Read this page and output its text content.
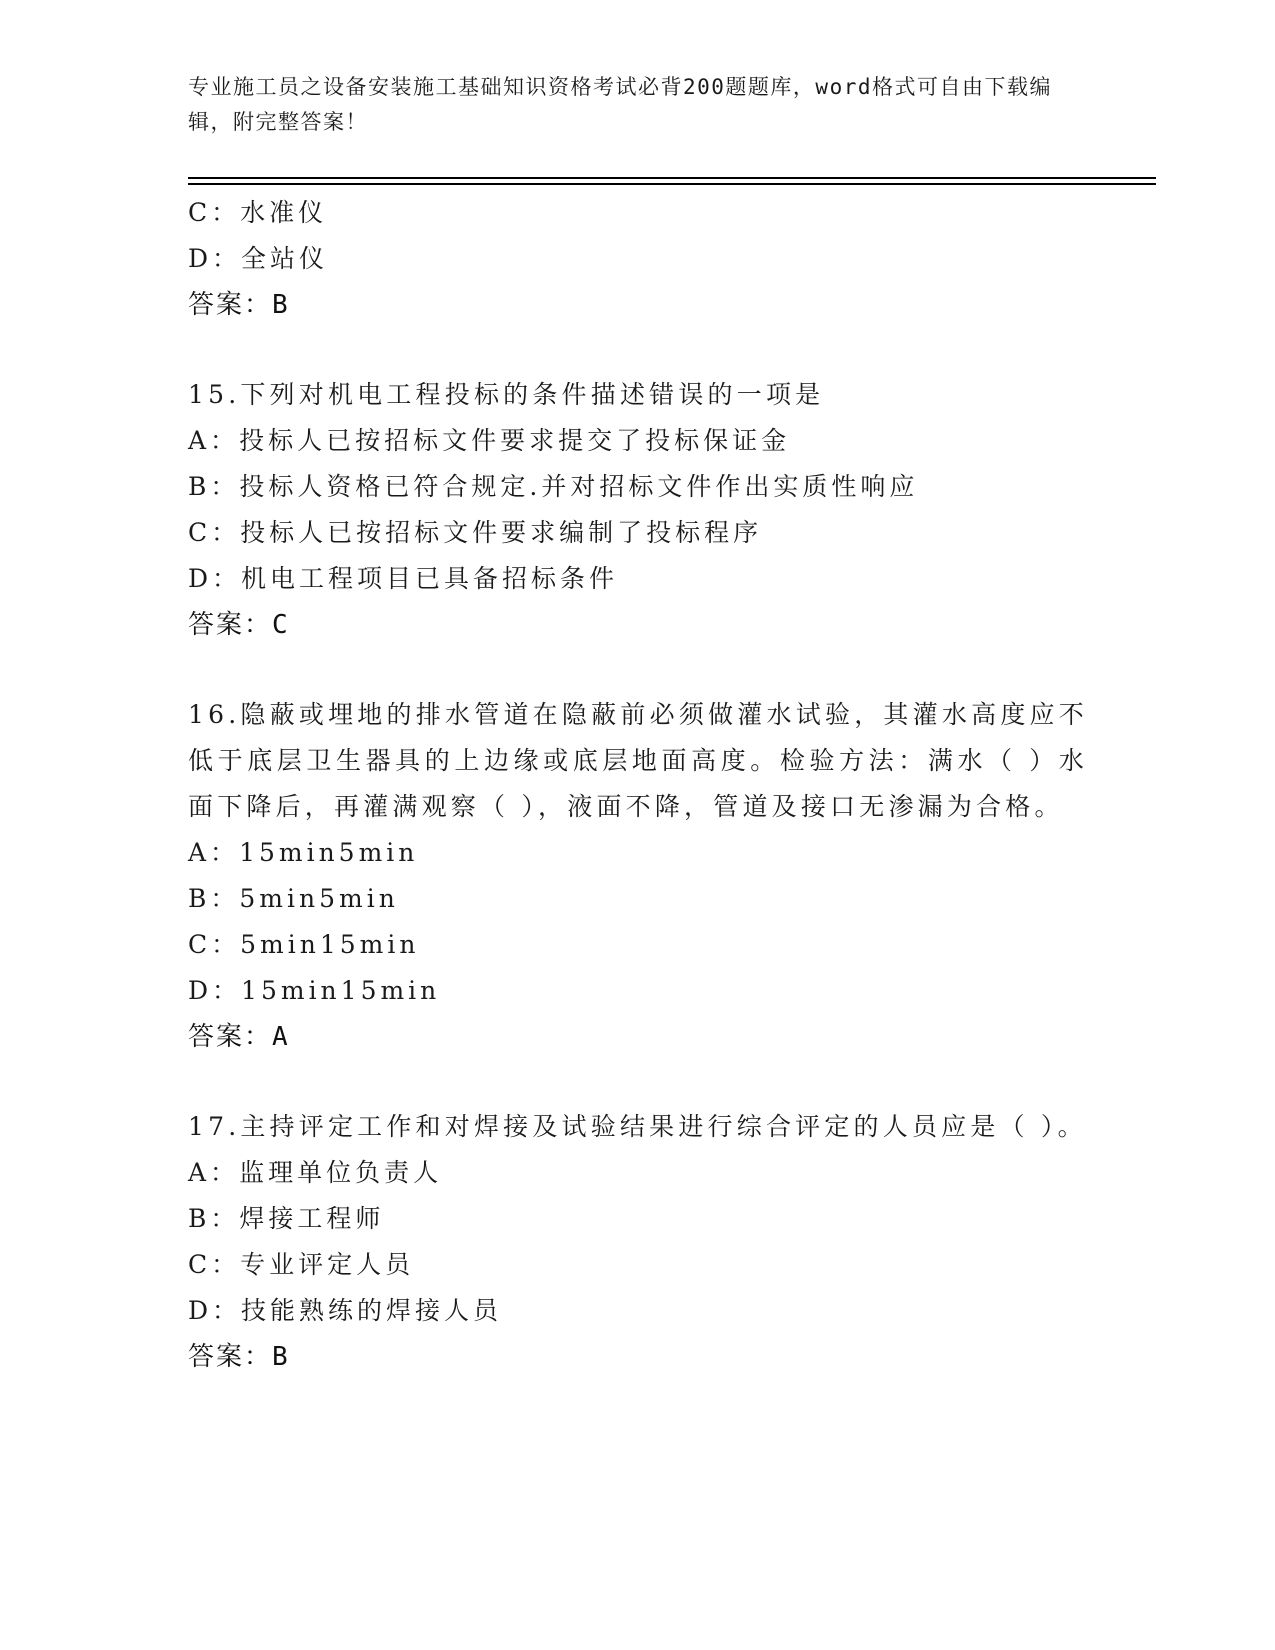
专业施工员之设备安装施工基础知识资格考试必背200题题库，word格式可自由下载编辑，附完整答案！
C：水准仪
D：全站仪
答案：B
15.下列对机电工程投标的条件描述错误的一项是
A：投标人已按招标文件要求提交了投标保证金
B：投标人资格已符合规定.并对招标文件作出实质性响应
C：投标人已按招标文件要求编制了投标程序
D：机电工程项目已具备招标条件
答案：C
16.隐蔽或埋地的排水管道在隐蔽前必须做灌水试验，其灌水高度应不低于底层卫生器具的上边缘或底层地面高度。检验方法：满水（ ）水面下降后，再灌满观察（ ），液面不降，管道及接口无渗漏为合格。
A：15min5min
B：5min5min
C：5min15min
D：15min15min
答案：A
17.主持评定工作和对焊接及试验结果进行综合评定的人员应是（ ）。
A：监理单位负责人
B：焊接工程师
C：专业评定人员
D：技能熟练的焊接人员
答案：B
